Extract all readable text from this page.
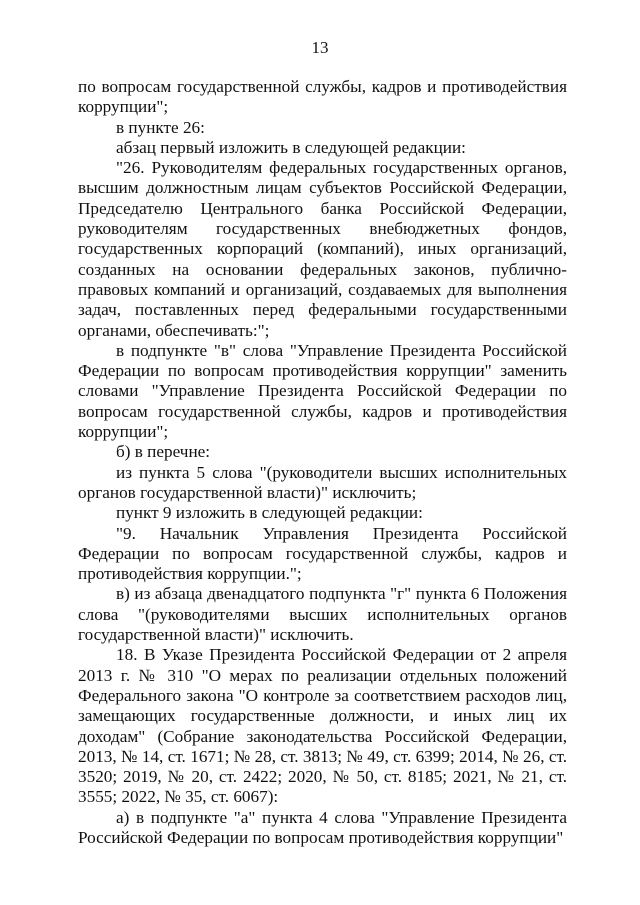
13

по вопросам государственной службы, кадров и противодействия коррупции";

в пункте 26:

абзац первый изложить в следующей редакции:

"26. Руководителям федеральных государственных органов, высшим должностным лицам субъектов Российской Федерации, Председателю Центрального банка Российской Федерации, руководителям государственных внебюджетных фондов, государственных корпораций (компаний), иных организаций, созданных на основании федеральных законов, публично-правовых компаний и организаций, создаваемых для выполнения задач, поставленных перед федеральными государственными органами, обеспечивать:";

в подпункте "в" слова "Управление Президента Российской Федерации по вопросам противодействия коррупции" заменить словами "Управление Президента Российской Федерации по вопросам государственной службы, кадров и противодействия коррупции";

б) в перечне:

из пункта 5 слова "(руководители высших исполнительных органов государственной власти)" исключить;

пункт 9 изложить в следующей редакции:

"9. Начальник Управления Президента Российской Федерации по вопросам государственной службы, кадров и противодействия коррупции.";

в) из абзаца двенадцатого подпункта "г" пункта 6 Положения слова "(руководителями высших исполнительных органов государственной власти)" исключить.

18. В Указе Президента Российской Федерации от 2 апреля 2013 г. № 310 "О мерах по реализации отдельных положений Федерального закона "О контроле за соответствием расходов лиц, замещающих государственные должности, и иных лиц их доходам" (Собрание законодательства Российской Федерации, 2013, № 14, ст. 1671; № 28, ст. 3813; № 49, ст. 6399; 2014, № 26, ст. 3520; 2019, № 20, ст. 2422; 2020, № 50, ст. 8185; 2021, № 21, ст. 3555; 2022, № 35, ст. 6067):

а) в подпункте "а" пункта 4 слова "Управление Президента Российской Федерации по вопросам противодействия коррупции"
